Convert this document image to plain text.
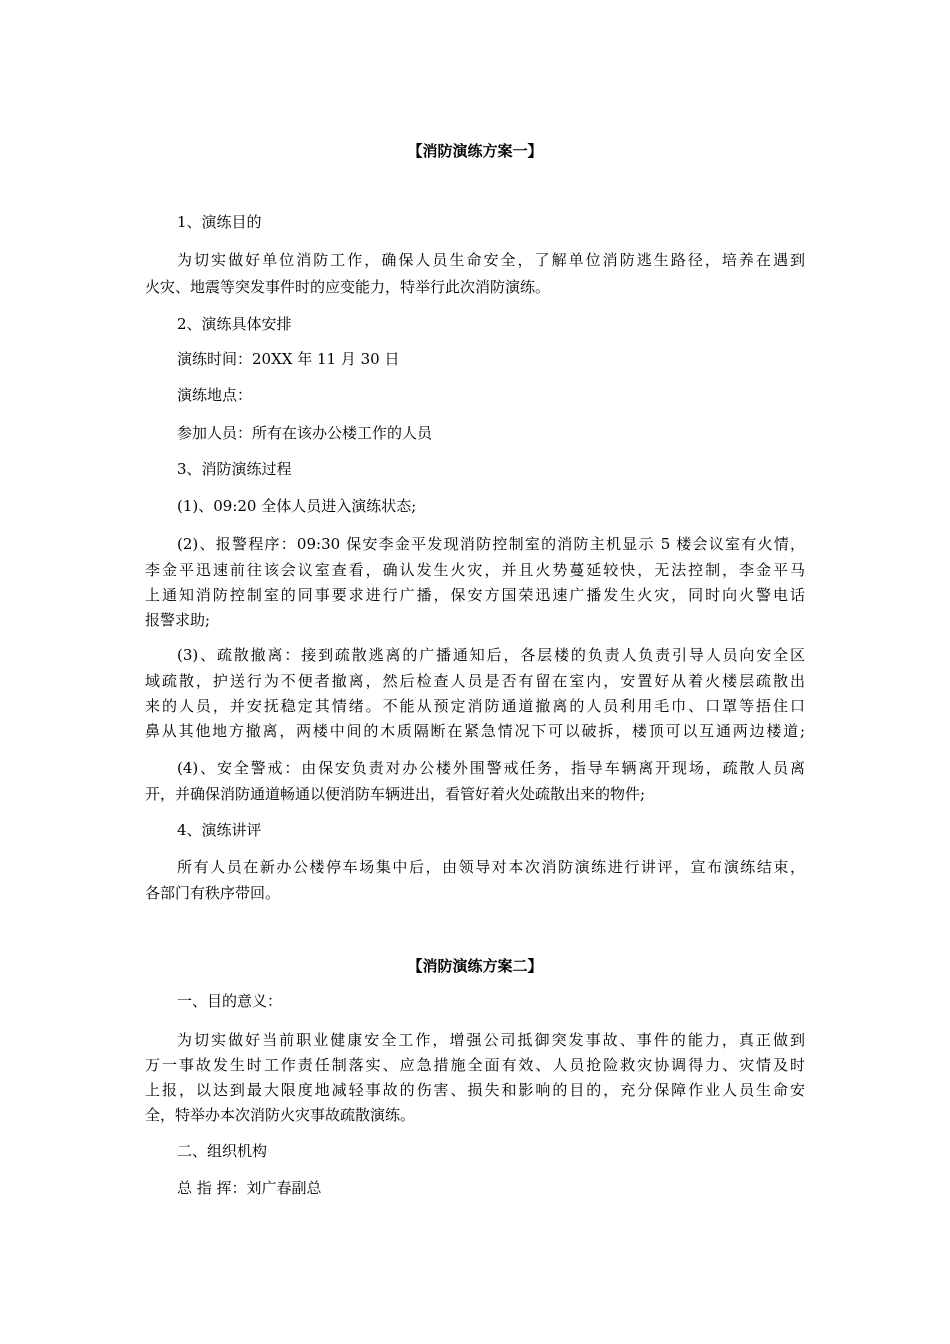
【消防演练方案一】
1、演练目的
为切实做好单位消防工作，确保人员生命安全，了解单位消防逃生路径，培养在遇到
火灾、地震等突发事件时的应变能力，特举行此次消防演练。
2、演练具体安排
演练时间：20XX 年 11 月 30 日
演练地点：
参加人员：所有在该办公楼工作的人员
3、消防演练过程
(1)、09:20 全体人员进入演练状态;
(2)、报警程序：09:30 保安李金平发现消防控制室的消防主机显示 5 楼会议室有火情，
李金平迅速前往该会议室查看，确认发生火灾，并且火势蔓延较快，无法控制，李金平马
上通知消防控制室的同事要求进行广播，保安方国荣迅速广播发生火灾，同时向火警电话
报警求助;
(3)、疏散撤离：接到疏散逃离的广播通知后，各层楼的负责人负责引导人员向安全区
域疏散，护送行为不便者撤离，然后检查人员是否有留在室内，安置好从着火楼层疏散出
来的人员，并安抚稳定其情绪。不能从预定消防通道撤离的人员利用毛巾、口罩等捂住口
鼻从其他地方撤离，两楼中间的木质隔断在紧急情况下可以破拆，楼顶可以互通两边楼道;
(4)、安全警戒：由保安负责对办公楼外围警戒任务，指导车辆离开现场，疏散人员离
开，并确保消防通道畅通以便消防车辆进出，看管好着火处疏散出来的物件;
4、演练讲评
所有人员在新办公楼停车场集中后，由领导对本次消防演练进行讲评，宣布演练结束，
各部门有秩序带回。
【消防演练方案二】
一、目的意义：
为切实做好当前职业健康安全工作，增强公司抵御突发事故、事件的能力，真正做到
万一事故发生时工作责任制落实、应急措施全面有效、人员抢险救灾协调得力、灾情及时
上报，以达到最大限度地减轻事故的伤害、损失和影响的目的，充分保障作业人员生命安
全，特举办本次消防火灾事故疏散演练。
二、组织机构
总 指 挥：刘广春副总
